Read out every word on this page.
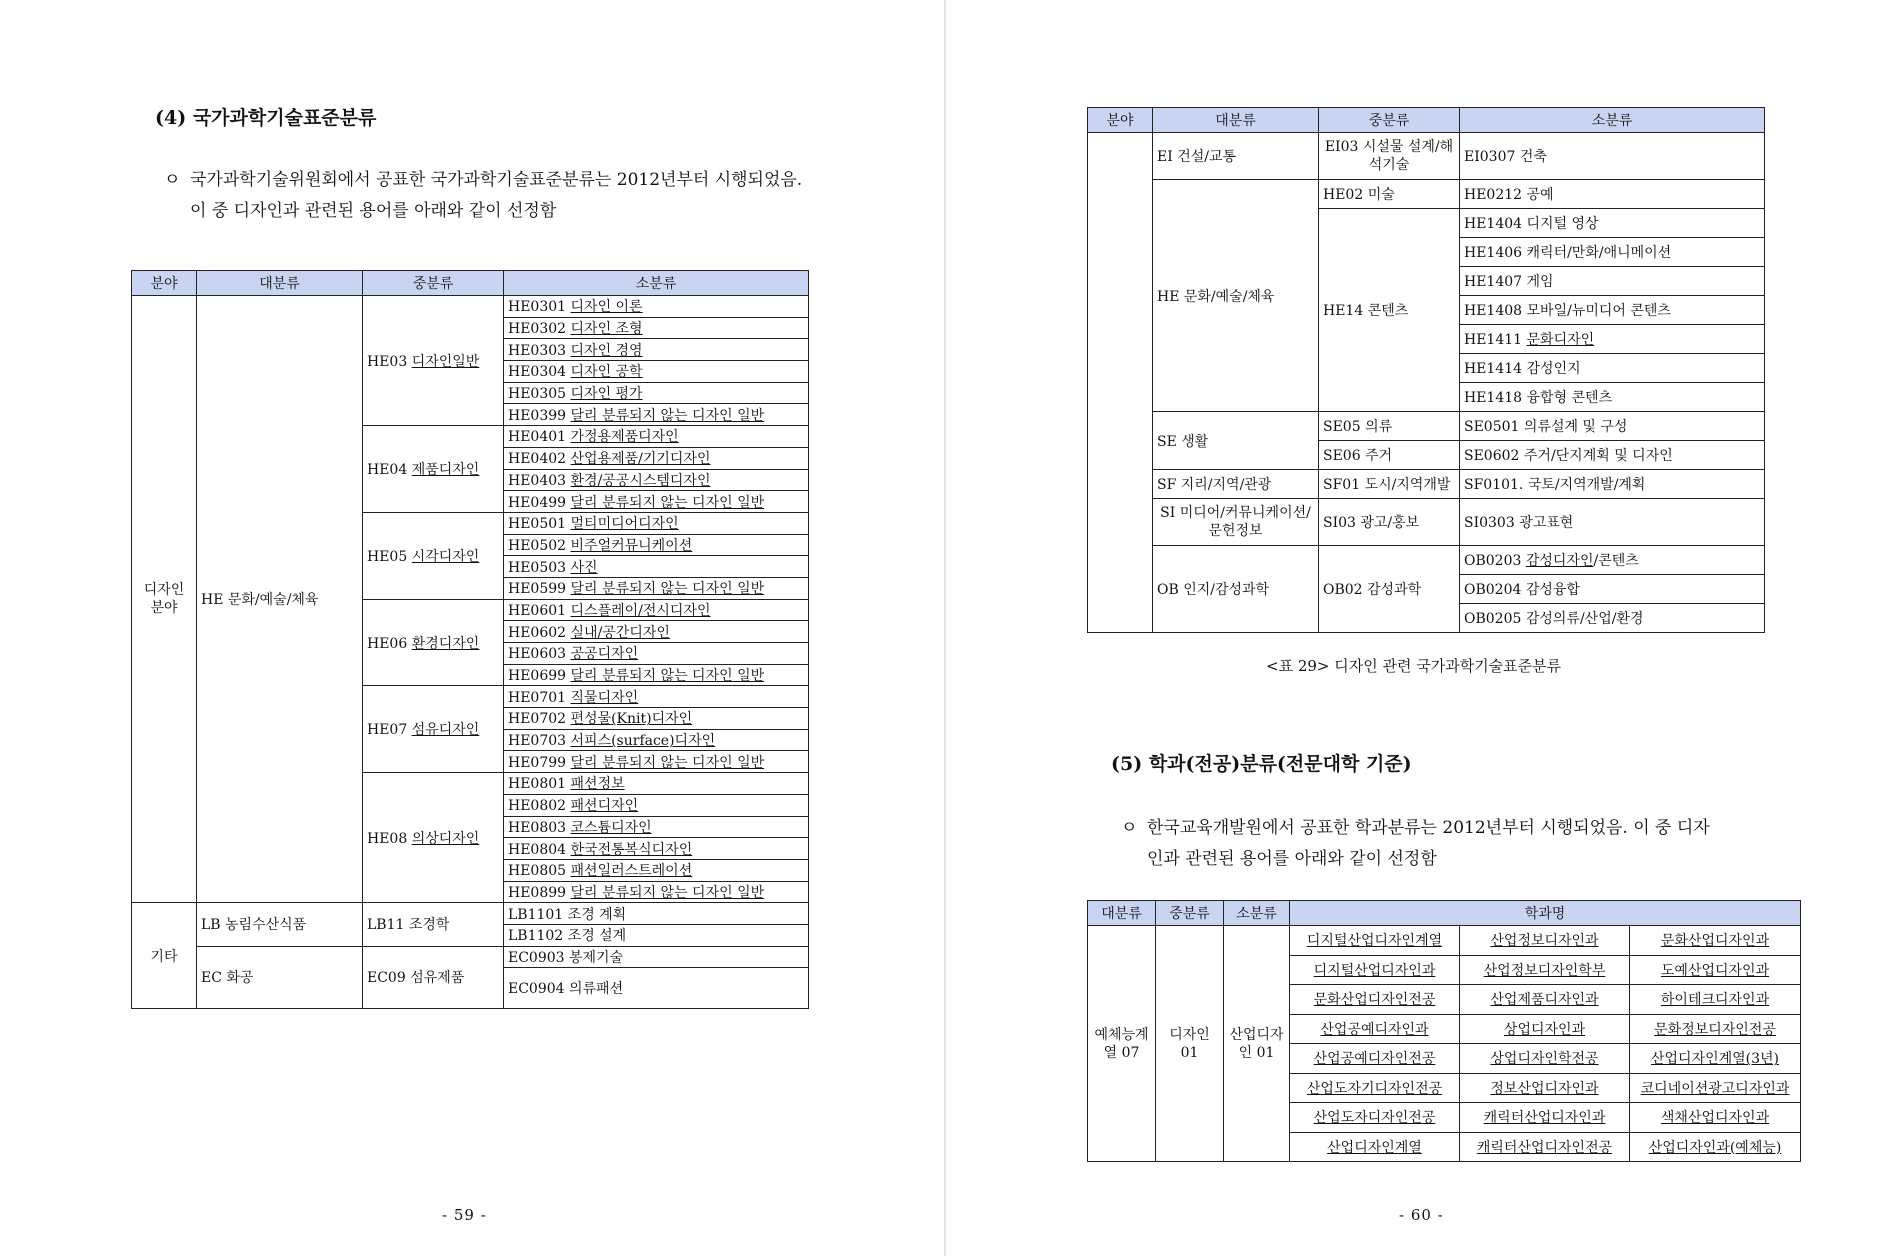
(4) 국가과학기술표준분류
ㅇ 국가과학기술위원회에서 공표한 국가과학기술표준분류는 2012년부터 시행되었음. 이 중 디자인과 관련된 용어를 아래와 같이 선정함
분야	대분류	중분류	소분류
디자인 분야	HE 문화/예술/체육	HE03 디자인일반	HE0301 디자인 이론
			HE0302 디자인 조형
			HE0303 디자인 경영
			HE0304 디자인 공학
			HE0305 디자인 평가
			HE0399 달리 분류되지 않는 디자인 일반
		HE04 제품디자인	HE0401 가정용제품디자인
			HE0402 산업용제품/기기디자인
			HE0403 환경/공공시스템디자인
			HE0499 달리 분류되지 않는 디자인 일반
		HE05 시각디자인	HE0501 멀티미디어디자인
			HE0502 비주얼커뮤니케이션
			HE0503 사진
			HE0599 달리 분류되지 않는 디자인 일반
		HE06 환경디자인	HE0601 디스플레이/전시디자인
			HE0602 실내/공간디자인
			HE0603 공공디자인
			HE0699 달리 분류되지 않는 디자인 일반
		HE07 섬유디자인	HE0701 직물디자인
			HE0702 편성물(Knit)디자인
			HE0703 서피스(surface)디자인
			HE0799 달리 분류되지 않는 디자인 일반
		HE08 의상디자인	HE0801 패션정보
			HE0802 패션디자인
			HE0803 코스튬디자인
			HE0804 한국전통복식디자인
			HE0805 패션일러스트레이션
			HE0899 달리 분류되지 않는 디자인 일반
기타	LB 농림수산식품	LB11 조경학	LB1101 조경 계획
			LB1102 조경 설계
	EC 화공	EC09 섬유제품	EC0903 봉제기술
			EC0904 의류패션
- 59 -
분야	대분류	중분류	소분류
	EI 건설/교통	EI03 시설물 설계/해석기술	EI0307 건축
	HE 문화/예술/체육	HE02 미술	HE0212 공예
		HE14 콘텐츠	HE1404 디지털 영상
			HE1406 캐릭터/만화/애니메이션
			HE1407 게임
			HE1408 모바일/뉴미디어 콘텐츠
			HE1411 문화디자인
			HE1414 감성인지
			HE1418 융합형 콘텐츠
	SE 생활	SE05 의류	SE0501 의류설계 및 구성
		SE06 주거	SE0602 주거/단지계획 및 디자인
	SF 지리/지역/관광	SF01 도시/지역개발	SF0101. 국토/지역개발/계획
	SI 미디어/커뮤니케이션/문헌정보	SI03 광고/홍보	SI0303 광고표현
	OB 인지/감성과학	OB02 감성과학	OB0203 감성디자인/콘텐츠
			OB0204 감성융합
			OB0205 감성의류/산업/환경
<표 29> 디자인 관련 국가과학기술표준분류
(5) 학과(전공)분류(전문대학 기준)
ㅇ 한국교육개발원에서 공표한 학과분류는 2012년부터 시행되었음. 이 중 디자인과 관련된 용어를 아래와 같이 선정함
대분류	중분류	소분류	학과명		
예체능계열 07	디자인 01	산업디자인 01	디지털산업디자인계열	산업정보디자인과	문화산업디자인과
			디지털산업디자인과	산업정보디자인학부	도예산업디자인과
			문화산업디자인전공	산업제품디자인과	하이테크디자인과
			산업공예디자인과	상업디자인과	문화정보디자인전공
			산업공예디자인전공	상업디자인학전공	산업디자인계열(3년)
			산업도자기디자인전공	정보산업디자인과	코디네이션광고디자인과
			산업도자디자인전공	캐릭터산업디자인과	색채산업디자인과
			산업디자인계열	캐릭터산업디자인전공	산업디자인과(예체능)
- 60 -
